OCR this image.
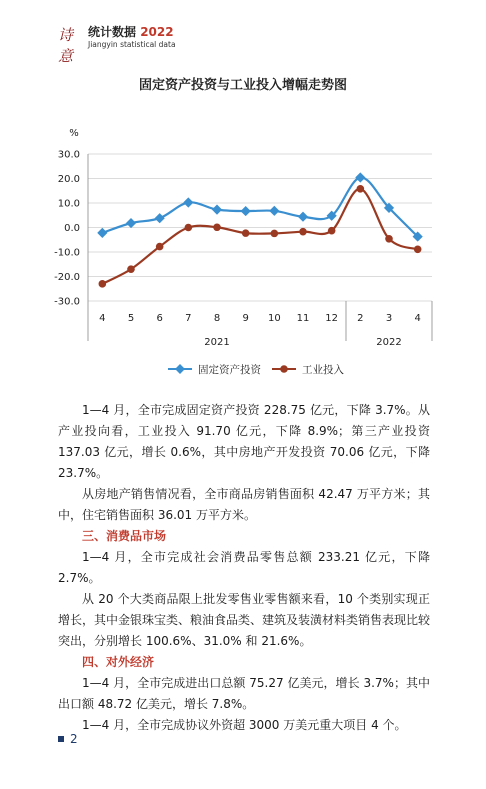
诗意
统计数据 2022
Jiangyin statistical data
固定资产投资与工业投入增幅走势图
%
30.0
20.0
10.0
0.0
-10.0
-20.0
-30.0
4 5 6 7 8 9 10 11 12 2 3 4
2021	2022
固定资产投资	工业投入

1—4 月，全市完成固定资产投资 228.75 亿元，下降 3.7%。从产业投向看，工业投入 91.70 亿元，下降 8.9%；第三产业投资 137.03 亿元，增长 0.6%，其中房地产开发投资 70.06 亿元，下降 23.7%。

从房地产销售情况看，全市商品房销售面积 42.47 万平方米；其中，住宅销售面积 36.01 万平方米。

三、消费品市场

1—4 月，全市完成社会消费品零售总额 233.21 亿元，下降 2.7%。

从 20 个大类商品限上批发零售业零售额来看，10 个类别实现正增长，其中金银珠宝类、粮油食品类、建筑及装潢材料类销售表现比较突出，分别增长 100.6%、31.0% 和 21.6%。

四、对外经济

1—4 月，全市完成进出口总额 75.27 亿美元，增长 3.7%；其中出口额 48.72 亿美元，增长 7.8%。

1—4 月，全市完成协议外资超 3000 万美元重大项目 4 个。

2
